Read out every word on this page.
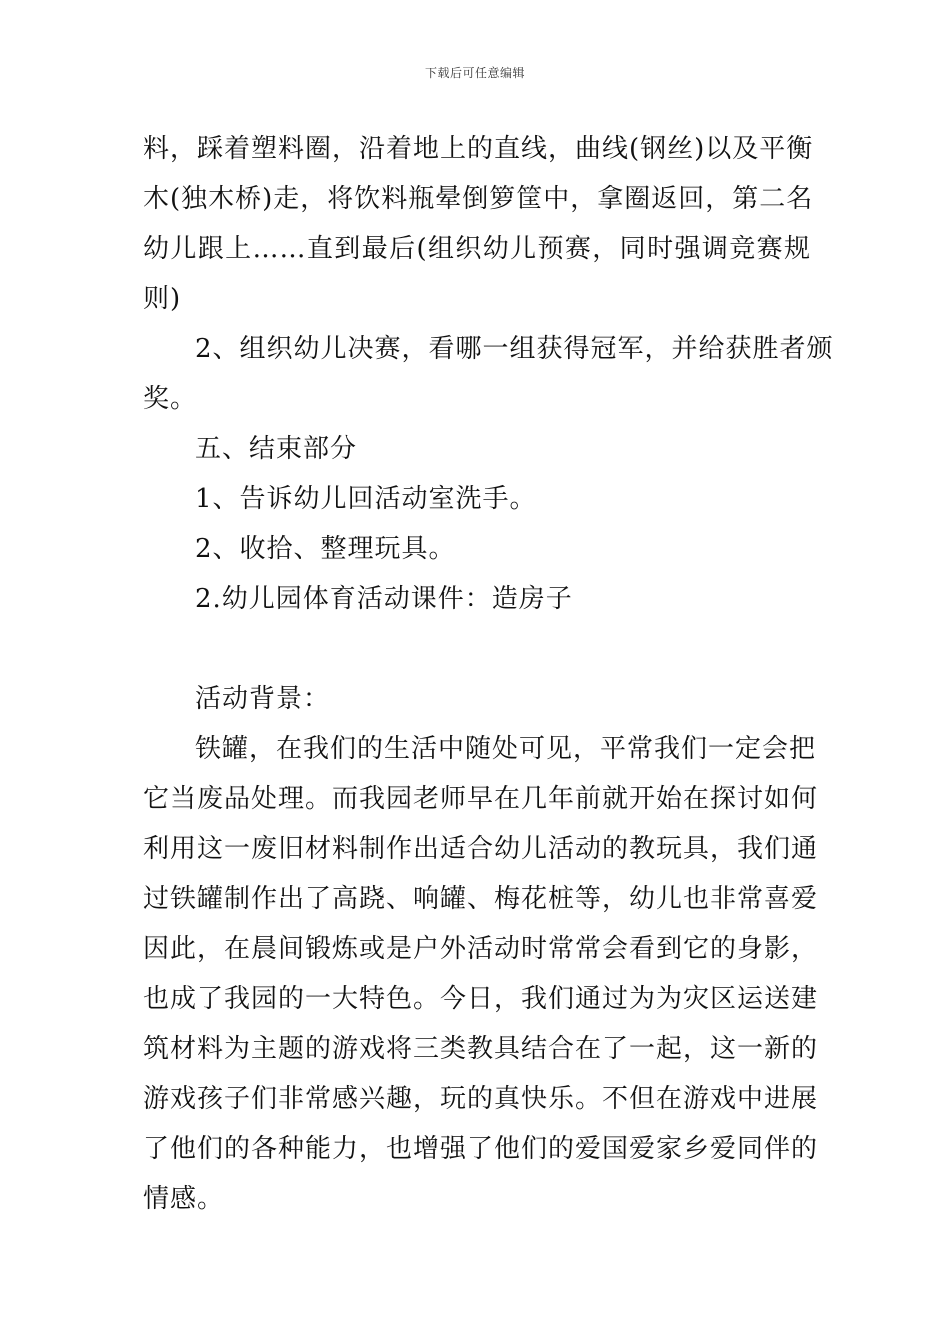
下载后可任意编辑
料，踩着塑料圈，沿着地上的直线，曲线(钢丝)以及平衡
木(独木桥)走，将饮料瓶晕倒箩筐中，拿圈返回，第二名
幼儿跟上……直到最后(组织幼儿预赛，同时强调竞赛规
则)
2、组织幼儿决赛，看哪一组获得冠军，并给获胜者颁
奖。
五、结束部分
1、告诉幼儿回活动室洗手。
2、收拾、整理玩具。
2.幼儿园体育活动课件：造房子
活动背景：
铁罐，在我们的生活中随处可见，平常我们一定会把
它当废品处理。而我园老师早在几年前就开始在探讨如何
利用这一废旧材料制作出适合幼儿活动的教玩具，我们通
过铁罐制作出了高跷、响罐、梅花桩等，幼儿也非常喜爱
因此，在晨间锻炼或是户外活动时常常会看到它的身影，
也成了我园的一大特色。今日，我们通过为为灾区运送建
筑材料为主题的游戏将三类教具结合在了一起，这一新的
游戏孩子们非常感兴趣，玩的真快乐。不但在游戏中进展
了他们的各种能力，也增强了他们的爱国爱家乡爱同伴的
情感。
